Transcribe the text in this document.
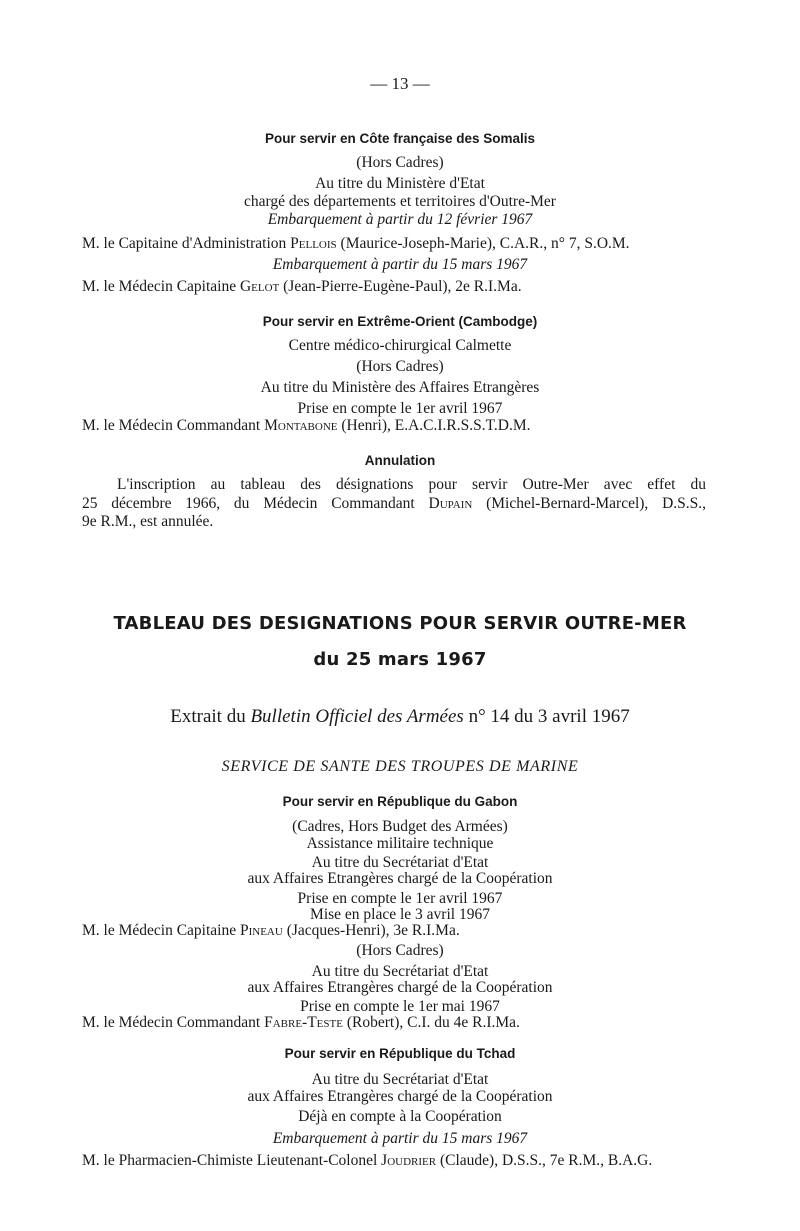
— 13 —
Pour servir en Côte française des Somalis
(Hors Cadres)
Au titre du Ministère d'Etat
chargé des départements et territoires d'Outre-Mer
Embarquement à partir du 12 février 1967
M. le Capitaine d'Administration Pellois (Maurice-Joseph-Marie), C.A.R., n° 7, S.O.M.
Embarquement à partir du 15 mars 1967
M. le Médecin Capitaine Gelot (Jean-Pierre-Eugène-Paul), 2e R.I.Ma.
Pour servir en Extrême-Orient (Cambodge)
Centre médico-chirurgical Calmette
(Hors Cadres)
Au titre du Ministère des Affaires Etrangères
Prise en compte le 1er avril 1967
M. le Médecin Commandant Montabone (Henri), E.A.C.I.R.S.S.T.D.M.
Annulation
L'inscription au tableau des désignations pour servir Outre-Mer avec effet du
25 décembre 1966, du Médecin Commandant Dupain (Michel-Bernard-Marcel), D.S.S.,
9e R.M., est annulée.
TABLEAU DES DESIGNATIONS POUR SERVIR OUTRE-MER
du 25 mars 1967
Extrait du Bulletin Officiel des Armées n° 14 du 3 avril 1967
SERVICE DE SANTE DES TROUPES DE MARINE
Pour servir en République du Gabon
(Cadres, Hors Budget des Armées)
Assistance militaire technique
Au titre du Secrétariat d'Etat
aux Affaires Etrangères chargé de la Coopération
Prise en compte le 1er avril 1967
Mise en place le 3 avril 1967
M. le Médecin Capitaine Pineau (Jacques-Henri), 3e R.I.Ma.
(Hors Cadres)
Au titre du Secrétariat d'Etat
aux Affaires Etrangères chargé de la Coopération
Prise en compte le 1er mai 1967
M. le Médecin Commandant Fabre-Teste (Robert), C.I. du 4e R.I.Ma.
Pour servir en République du Tchad
Au titre du Secrétariat d'Etat
aux Affaires Etrangères chargé de la Coopération
Déjà en compte à la Coopération
Embarquement à partir du 15 mars 1967
M. le Pharmacien-Chimiste Lieutenant-Colonel Joudrier (Claude), D.S.S., 7e R.M., B.A.G.
